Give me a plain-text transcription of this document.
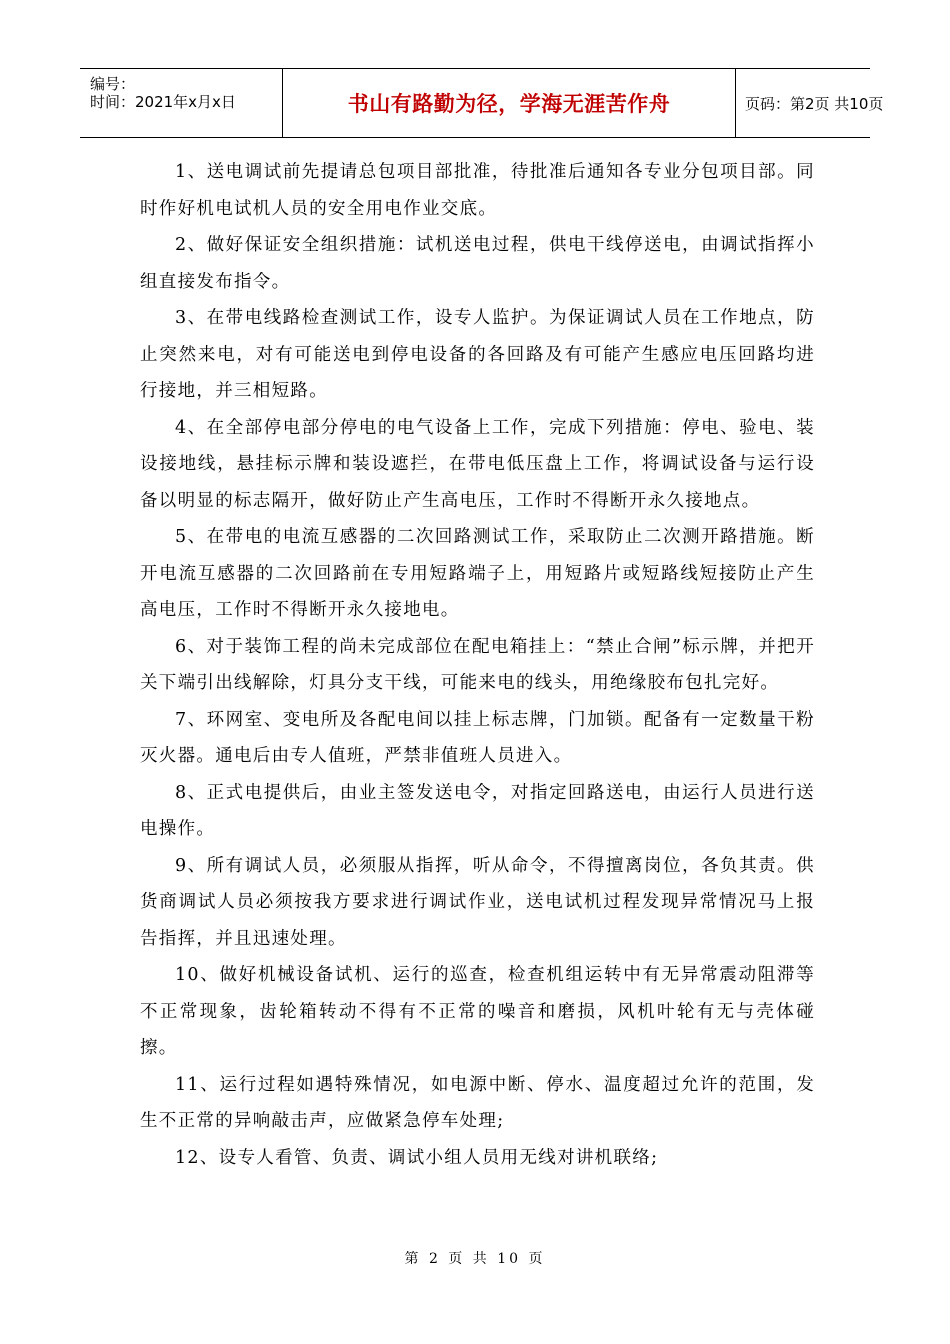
编号：
时间：2021年x月x日	书山有路勤为径，学海无涯苦作舟	页码：第2页 共10页

1、送电调试前先提请总包项目部批准，待批准后通知各专业分包项目部。同时作好机电试机人员的安全用电作业交底。

2、做好保证安全组织措施：试机送电过程，供电干线停送电，由调试指挥小组直接发布指令。

3、在带电线路检查测试工作，设专人监护。为保证调试人员在工作地点，防止突然来电，对有可能送电到停电设备的各回路及有可能产生感应电压回路均进行接地，并三相短路。

4、在全部停电部分停电的电气设备上工作，完成下列措施：停电、验电、装设接地线，悬挂标示牌和装设遮拦，在带电低压盘上工作，将调试设备与运行设备以明显的标志隔开，做好防止产生高电压，工作时不得断开永久接地点。

5、在带电的电流互感器的二次回路测试工作，采取防止二次测开路措施。断开电流互感器的二次回路前在专用短路端子上，用短路片或短路线短接防止产生高电压，工作时不得断开永久接地电。

6、对于装饰工程的尚未完成部位在配电箱挂上：“禁止合闸”标示牌，并把开关下端引出线解除，灯具分支干线，可能来电的线头，用绝缘胶布包扎完好。

7、环网室、变电所及各配电间以挂上标志牌，门加锁。配备有一定数量干粉灭火器。通电后由专人值班，严禁非值班人员进入。

8、正式电提供后，由业主签发送电令，对指定回路送电，由运行人员进行送电操作。

9、所有调试人员，必须服从指挥，听从命令，不得擅离岗位，各负其责。供货商调试人员必须按我方要求进行调试作业，送电试机过程发现异常情况马上报告指挥，并且迅速处理。

10、做好机械设备试机、运行的巡查，检查机组运转中有无异常震动阻滞等不正常现象，齿轮箱转动不得有不正常的噪音和磨损，风机叶轮有无与壳体碰擦。

11、运行过程如遇特殊情况，如电源中断、停水、温度超过允许的范围，发生不正常的异响敲击声，应做紧急停车处理;

12、设专人看管、负责、调试小组人员用无线对讲机联络;

第 2 页 共 10 页
